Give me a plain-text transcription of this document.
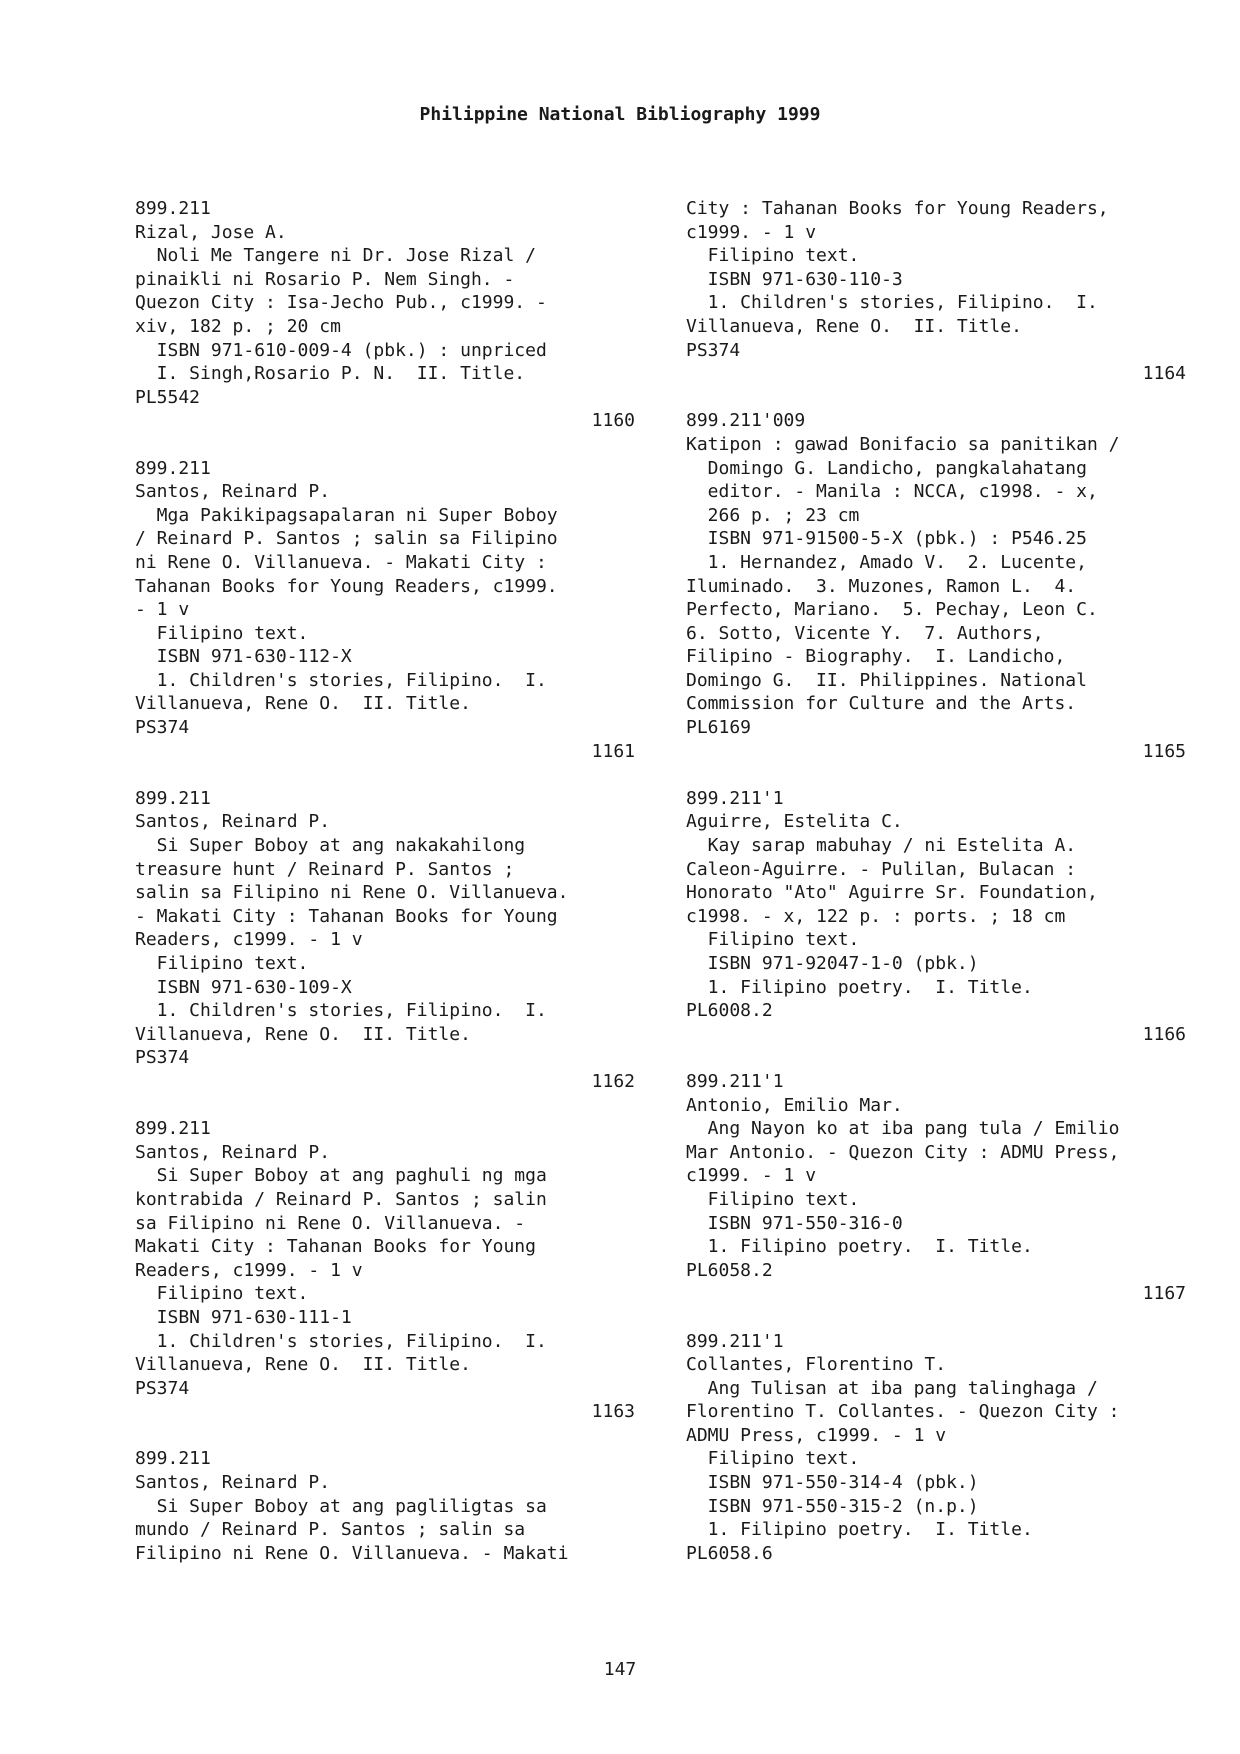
Philippine National Bibliography 1999
899.211
Rizal, Jose A.
Noli Me Tangere ni Dr. Jose Rizal /
pinaikli ni Rosario P. Nem Singh. -
Quezon City : Isa-Jecho Pub., c1999. -
xiv, 182 p. ; 20 cm
ISBN 971-610-009-4 (pbk.) : unpriced
I. Singh,Rosario P. N.  II. Title.
PL5542
1160
899.211
Santos, Reinard P.
Mga Pakikipagsapalaran ni Super Boboy
/ Reinard P. Santos ; salin sa Filipino
ni Rene O. Villanueva. - Makati City :
Tahanan Books for Young Readers, c1999.
- 1 v
Filipino text.
ISBN 971-630-112-X
1. Children's stories, Filipino.  I.
Villanueva, Rene O.  II. Title.
PS374
1161
899.211
Santos, Reinard P.
Si Super Boboy at ang nakakahilong
treasure hunt / Reinard P. Santos ;
salin sa Filipino ni Rene O. Villanueva.
- Makati City : Tahanan Books for Young
Readers, c1999. - 1 v
Filipino text.
ISBN 971-630-109-X
1. Children's stories, Filipino.  I.
Villanueva, Rene O.  II. Title.
PS374
1162
899.211
Santos, Reinard P.
Si Super Boboy at ang paghuli ng mga
kontrabida / Reinard P. Santos ; salin
sa Filipino ni Rene O. Villanueva. -
Makati City : Tahanan Books for Young
Readers, c1999. - 1 v
Filipino text.
ISBN 971-630-111-1
1. Children's stories, Filipino.  I.
Villanueva, Rene O.  II. Title.
PS374
1163
899.211
Santos, Reinard P.
Si Super Boboy at ang pagliligtas sa
mundo / Reinard P. Santos ; salin sa
Filipino ni Rene O. Villanueva. - Makati
City : Tahanan Books for Young Readers,
c1999. - 1 v
Filipino text.
ISBN 971-630-110-3
1. Children's stories, Filipino.  I.
Villanueva, Rene O.  II. Title.
PS374
1164
899.211'009
Katipon : gawad Bonifacio sa panitikan /
Domingo G. Landicho, pangkalahatang
editor. - Manila : NCCA, c1998. - x,
266 p. ; 23 cm
ISBN 971-91500-5-X (pbk.) : P546.25
1. Hernandez, Amado V.  2. Lucente,
Iluminado.  3. Muzones, Ramon L.  4.
Perfecto, Mariano.  5. Pechay, Leon C.
6. Sotto, Vicente Y.  7. Authors,
Filipino - Biography.  I. Landicho,
Domingo G.  II. Philippines. National
Commission for Culture and the Arts.
PL6169
1165
899.211'1
Aguirre, Estelita C.
Kay sarap mabuhay / ni Estelita A.
Caleon-Aguirre. - Pulilan, Bulacan :
Honorato "Ato" Aguirre Sr. Foundation,
c1998. - x, 122 p. : ports. ; 18 cm
Filipino text.
ISBN 971-92047-1-0 (pbk.)
1. Filipino poetry.  I. Title.
PL6008.2
1166
899.211'1
Antonio, Emilio Mar.
Ang Nayon ko at iba pang tula / Emilio
Mar Antonio. - Quezon City : ADMU Press,
c1999. - 1 v
Filipino text.
ISBN 971-550-316-0
1. Filipino poetry.  I. Title.
PL6058.2
1167
899.211'1
Collantes, Florentino T.
Ang Tulisan at iba pang talinghaga /
Florentino T. Collantes. - Quezon City :
ADMU Press, c1999. - 1 v
Filipino text.
ISBN 971-550-314-4 (pbk.)
ISBN 971-550-315-2 (n.p.)
1. Filipino poetry.  I. Title.
PL6058.6
147
